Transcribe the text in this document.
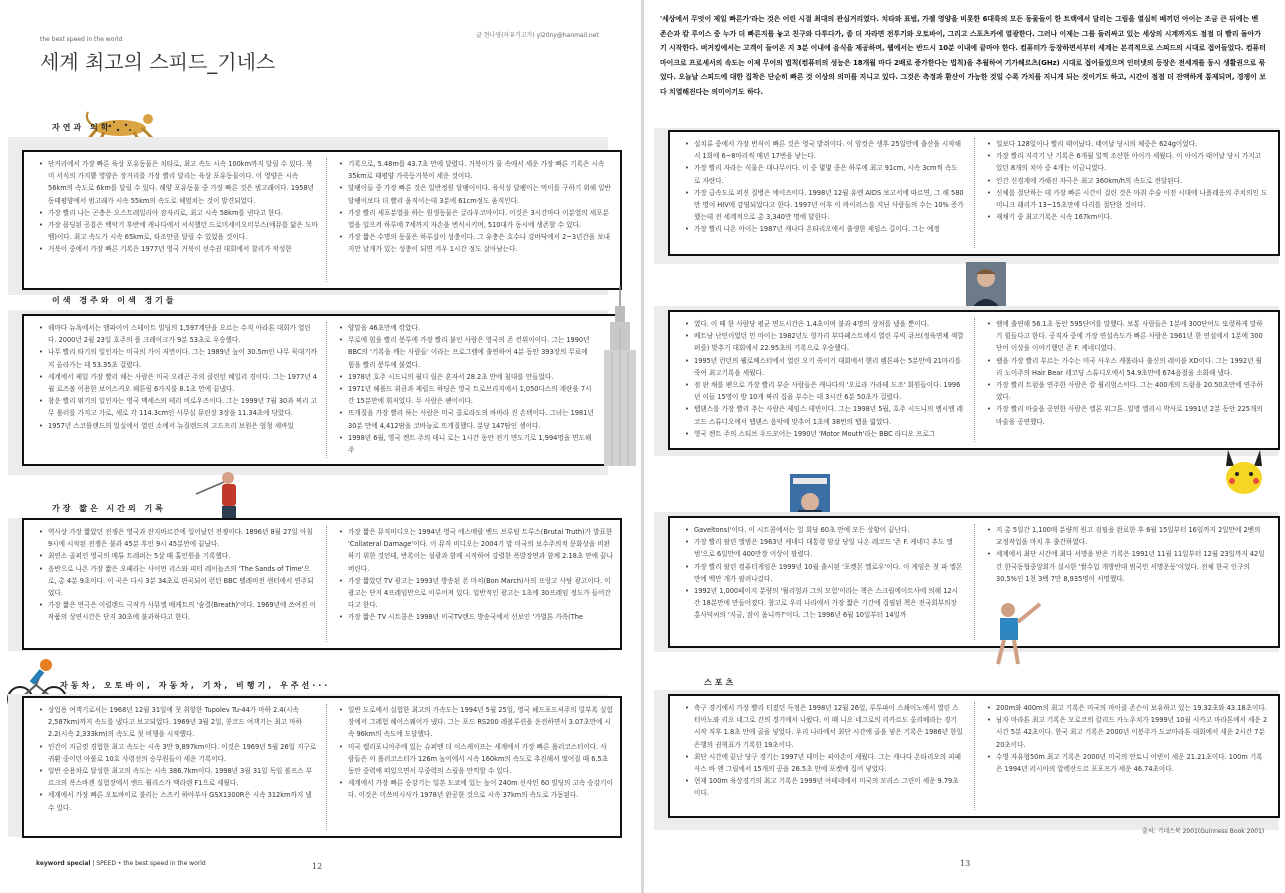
the best speed in the world
글 현나영(자유기고가) yl20ny@hanmail.net
세계 최고의 스피드_기네스
자연과 의학
• 단거리에서 가장 빠른 육상 포유동물은 치타로, 최고 속도 시속 100km까지 달릴 수 있다. 북미 서식의 가지뿔 영양은 장거리를 가장 빨리 달리는 육상 포유동물이다. 이 영양은 시속 56km의 속도로 6km를 달릴 수 있다. 해양 포유동물 중 가장 빠른 것은 범고래이다. 1958년 동태평양에서 범고래가 시속 55km의 속도로 헤엄치는 것이 발견되었다.
• 가장 빨리 나는 곤충은 오스트레일리아 잠자리로, 최고 시속 58km를 낸다고 한다.
• 가장 몰딩된 공룡은 백악기 후반에 캐나다에서 서식했던 드로미세이오미무스(에뮤를 닮은 도마뱀)이다. 최고 속도가 시속 65km로, 타조만큼 달릴 수 있었을 것이다.
• 거북이 중에서 가장 빠른 기록은 1977년 영국 거북이 선수권 대회에서 찰리가 작성한
• 기록으로, 5.48m를 43.7초 만에 달렸다. 거북이가 물 속에서 세운 가장 빠른 기록은 시속 35km로 태평양 가죽등거북이 세운 것이다.
• 달팽이들 중 가장 빠른 것은 일반정원 달팽이이다. 육식성 달팽이는 먹이를 구하기 위해 일반 달팽이보다 더 빨리 움직이는데 3분에 61cm정도 움직인다.
• 가장 빨리 세포분열을 하는 원생동물은 글라우코마이다. 이것은 3시간마다 이분열의 세포분열을 일으켜 하루에 7세까지 자손을 번식시키며, 510대가 동시에 생존할 수 있다.
• 가장 짧은 수명의 동물은 하루살이 성충이다. 그 유충은 호수나 강바닥에서 2~3년간을 보내지만 날개가 있는 성충이 되면 겨우 1시간 정도 살아남는다.
이색 경주와 이색 경기들
• 해마다 뉴욕에서는 엠파이어 스테이트 빌딩의 1,597계단을 오르는 수직 아라톤 대회가 열린다. 2000년 2월 23일 호주의 폴 크레이크가 9분 53초로 우승했다.
• 나무 빨리 타기의 일인자는 미국의 가이 저먼이다. 그는 1989년 높이 30.5m인 나무 꼭대기까지 올라가는 데 53.35초 걸렸다.
• 세계에서 제일 가장 빨리 해는 사람은 미국 오레곤 주의 클린턴 베일리 경이다. 그는 1977년 4월 로즈볼 이용한 보어스커오 해튼림 6가지를 8.1초 만에 끝냈다.
• 참운 빨리 뛰기의 일인자는 영국 맥세스의 테리 비로우즈이다. 그는 1999년 7월 30과 찌리 고무 롤러를 가지고 가로, 세로 각 114.3cm인 사무실 뮤린장 3장을 11.34초에 닦았다.
• 1957년 스코틀랜드의 일실에서 열린 소에서 뉴질랜드의 고드프리 보원은 엄청 세바있
• 양말을 46초만에 깎았다.
• 무로에 힘을 빨리 봉투에 가장 빨리 붙인 사람은 영국의 존 컨위이이다. 그는 1990년 BBC의 '기록을 깨는 사람들' 이라는 프로그램에 출연하여 4분 동안 393장의 무료에 힘을 빨리 봉투에 붙였다.
• 1978년 호주 시드니의 월디 릴은 혼자서 28.2초 만에 침대를 만들었다.
• 1971년 헤롤드 위큼과 제럴드 하딩은 영국 트로브리지에서 1,050다스의 계란을 7시간 15분만에 휘저었다. 두 사람은 팬이이다.
• 뜨개질을 가장 빨리 하는 사람은 미국 콜로라도의 바바라 진 손택이다. 그녀는 1981년 30분 만에 4,412땀을 코바늘로 뜨개질했다. 분당 147땀인 셈이다.
• 1998년 6월, 영국 켄트 주의 데니 로는 1시간 동안 전기 면도기로 1,994명을 면도해 주
가장 짧은 시간의 기록
• 역사상 가장 짧았던 전쟁은 영국과 잔지바르간에 일어났던 전쟁이다. 1896년 8월 27일 아침 9시에 시작된 전쟁은 불과 45분 후인 9시 45분만에 끝났다.
• 최연소 골퍼인 영국의 매튜 트레퍼는 5살 때 홀인원을 기록했다.
• 음반으로 나온 가장 짧은 오페라는 사이먼 리스와 피터 레이놀즈의 'The Sands of Time'으로, 총 4분 9초이다. 이 곡은 다시 3분 34초로 편곡되어 런던 BBC 텔레비전 센터에서 연주되었다.
• 가장 짧은 연극은 이럴랜드 극작가 사뮤엘 베케트의 '숨결(Breath)'이다. 1969년에 쓰여진 이 작품의 상연시간은 단지 30초에 불과하다고 한다.
• 가장 짧은 뮤직비디오는 1994년 영국 에스메랄 밴드 브루털 트루스(Brutal Truth)가 발표한 'Collateral Damage'이다. 이 뮤직 비디오는 2004기 말 미국의 보수주의적 문화상을 비판하기 위한 것인데, 반록이는 섬광과 함께 시작하여 강렬한 폭발장면과 함께 2.18초 만에 끝나버린다.
• 가장 짧았던 TV 광고는 1993년 방송된 폰 마치(Bon March)사의 프랑고 사탕 광고이다. 이 광고는 단지 4프레임만으로 이루어져 있다. 일반적인 광고는 1초에 30프레임 정도가 들어간다고 한다.
• 가장 짧은 TV 시트콤은 1998년 미국TV랜드 방송국에서 선보인 '가벌톤 가족(The
자동차, 오토바이, 자동차, 기차, 비행기, 우주선···
• 상업용 여객기로서는 1968년 12월 31일에 첫 취항한 Tupolev Tu-44가 마하 2.4(시속 2,587km)까지 속도를 냈다고 보고되었다. 1969년 3월 2일, 콩코드 여객기는 최고 마하 2.2(시속 2,333km)의 속도로 첫 비행을 시작했다.
• 인간이 지금껏 경험한 최고 속도는 시속 3만 9,897km이다. 이것은 1969년 5월 26일 지구로 귀환 중이던 아폴로 10호 사령선의 승무원들이 세운 기록이다.
• 일반 승용차로 달성한 최고의 속도는 시속 386.7km이다. 1998년 3월 31일 독일 볼프스 부르크의 폭스바겐 실험장에서 앤드 윌리스가 맥라렌 F1으로 세웠다.
• 세계에서 가장 빠른 오토바이로 불리는 스즈키 하야부사 GSX1300R은 시속 312km까지 낼 수 있다.
• 일반 도로에서 실험한 최고의 가속도는 1994년 5월 25일, 영국 헤드포드셔주의 밀부록 실험장에서 그레험 헤이스웨이가 냈다. 그는 포드 RS200 레볼루션을 운전하면서 3.07초만에 시속 96km의 속도에 도달했다.
• 미국 캘리포니아주에 있는 슈퍼맨 더 이스케이프는 세계에서 가장 빠른 롤러코스터이다. 사람들은 이 롤러코스터가 126m 높이에서 시속 160km의 속도로 추진해서 떨어질 때 6.5초 동안 중력에 떠있으면서 무중력의 스릴을 만끽할 수 있다.
• 세계에서 가장 빠른 승강기는 일본 도쿄에 있는 높이 240m 선샤인 60 빌딩의 고속 승강기이다. 이것은 미쓰비시사가 1978년 완공한 것으로 시속 37km의 속도로 가동된다.
keyword special | SPEED • the best speed in the world	12
'세상에서 무엇이 제일 빠른가'라는 것은 어린 시절 최대의 관심거리였다. 치타와 표범, 가젤 영양을 비롯한 6대륙의 모든 동물들이 한 트랙에서 달리는 그림을 열심히 베끼던 아이는 조금 큰 뒤에는 벤 존슨과 칼 루이스 중 누가 더 빠른지를 놓고 친구와 다투다가, 좀 더 자라면 전투기와 오토바이, 그리고 스포츠카에 열광한다. 그러나 이제는 그를 둘러싸고 있는 세상의 시계까지도 점점 더 빨리 돌아가기 시작한다. 버거킹에서는 고객이 들어온 지 3분 이내에 음식을 제공하며, 웹에서는 반드시 10분 이내에 끝마야 한다. 컴퓨터가 등장하면서부터 세계는 본격적으로 스피드의 시대로 접어들었다. 컴퓨터 마이크로 프로세서의 속도는 이제 무어의 법칙(컴퓨터의 성능은 18개월 마다 2배로 증가한다는 법칙)을 추월하여 기가헤르츠(GHz) 시대로 접어들었으며 인터넷의 등장은 전세계를 동시 생활권으로 묶었다. 오늘날 스피드에 대한 집착은 단순히 빠른 것 이상의 의미를 지니고 있다. 그것은 측정과 환산이 가능한 것일 수록 가치를 지니게 되는 것이기도 하고, 시간이 점점 더 잔액하게 통제되며, 경쟁이 보다 치열해진다는 의미이기도 하다.
• 설치류 중에서 가장 번식이 빠른 것은 영국 밭쥐이다. 이 암컷은 생후 25일만에 출산을 시작해서 1회에 6~8마리씩 매년 17번을 낳는다.
• 가장 빨리 자라는 식물은 대나무이다. 이 중 몇몇 종은 하루에 최고 91cm, 시속 3cm씩 속도로 자란다.
• 가장 급속도로 퍼진 질병은 에이즈이다. 1998년 12월 유엔 AIDS 보고서에 따르면, 그 해 580만 명이 HIV에 감염되었다고 한다. 1997년 이후 이 바이러스를 지닌 사람들의 수는 10% 증가했는데 전 세계적으로 총 3,340만 명에 달한다.
• 가장 빨리 나온 아이는 1987년 캐나다 온타리오에서 출생한 제임스 길이다. 그는 예정
• 일보다 128일이나 빨리 태어났다. 태어날 당시의 체중은 624g이었다.
• 가장 빨리 지각기 난 기록은 6개월 일찍 조산한 아이가 세웠다. 이 아이가 태어날 당시 가지고 있던 8개의 치아 중 4개는 어금니였다.
• 인간 신경계에 가해진 자극은 최고 360km/h의 속도로 전달된다.
• 신체를 절단하는 데 가장 빠른 시간이 걸린 것은 마취 수술 이전 시대에 나폴레옹의 주치의인 도미니크 래리가 13~15초만에 다리를 절단한 것이다.
• 재채기 중 최고기록은 시속 167km이다.
• 였다. 이 때 한 사람당 평균 면도시간은 1.4초이며 불과 4명의 상처를 냈을 뿐이다.
• 베트남 난민이었던 민 마이는 1982년도 헝가리 부다페스트에서 열린 루빅 큐브(정육면체 색깔 퍼즐) 맞추기 대회에서 22.95초의 기록으로 우승했다.
• 1995년 런던의 웰로베스터에서 열린 오기 죽이기 대회에서 헨리 렘튼파는 5분만에 21마리를 죽여 최고기록을 세웠다.
• 점 판 채를 팬으로 가장 빨리 부순 사람들은 캐나다의 '오로라 가라테 도조' 회원들이다. 1996년 이들 15명이 방 10개 짜리 집을 부수는 데 3시간 6분 50초가 걸렸다.
• 탭댄스를 가장 빨리 추는 사람은 제임스 데빈이다. 그는 1998년 5월, 호주 시드니의 엠시엠 레코드 스튜디오에서 탭댄스 음악에 맞추어 1초에 38번의 탭을 밟았다.
• 영국 켄트 주의 스티브 우드모어는 1990년 'Motor Mouth'라는 BBC 라디오 프로그
• 램에 출연해 56.1초 동안 595단어를 말했다. 보통 사람들은 1분에 300단어도 또렷하게 말하기 힘들다고 한다. 공직자 중에 가장 연설속도가 빠른 사람은 1961년 한 연설에서 1분에 300단어 이상을 이야기했던 존 F. 케네디였다.
• 랩을 가장 빨리 부르는 가수는 미국 사우스 캐롤라나 출신의 레이블 XD이다. 그는 1992년 윌리 노이주의 Hair Bear 레코딩 스튜디오에서 54.9초만에 674음절을 소화해 냈다.
• 가장 빨리 트럼을 연주한 사람은 칼 윌리엄스이다. 그는 400개의 드럼을 20.50초만에 연주하였다.
• 가장 빨리 마술을 공연한 사람은 엘론 위그톤. 일명 엘리시 박사로 1991년 2분 동안 225개의 마술을 공연했다.
• Gaveltons)'이다. 이 시트콤에서는 일 회당 60초 만에 모든 상황이 끝난다.
• 가장 빨리 팔린 앨범은 1963년 케네디 대통령 암살 당일 나온 레코드 '존 F. 케네디 추도 앨범'으로 6일만에 400만장 이상이 팔렸다.
• 가장 빨리 팔린 컴퓨터게임은 1999년 10월 출시된 '포켓몬 옐로우'이다. 이 게임은 첫 파 엘몬 만에 백만 개가 팔려나갔다.
• 1992년 1,000페이지 분량의 '윌리엄과 그의 모험'이라는 책은 스크립에이트사에 의해 12시간 18분만에 만들어졌다. 참고로 우리 나라에서 가장 짧은 기간에 집필된 책은 전국회부의장 홍사덕씨의 '지금, 잠이 옵니까?'이다. 그는 1996년 6월 10일부터 14일까
• 지 총 5일간 1,100매 분량의 원고 검필을 완료한 후 6월 15일부터 16일까지 2일만에 2벤의 교정작업을 마치 후 출간하였다.
• 세계에서 최단 시간에 최다 서명을 받은 기록은 1991년 11월 11일부터 12월 23일까지 42일간 한국동협중앙회가 실시한 '쌀수입 개방반대 범국민 서명운동'이었다. 전체 한국 인구의 30.5%인 1천 3백 7만 8,935명이 서명했다.
스포츠
• 축구 경기에서 가장 빨리 터졌던 득점은 1998년 12월 26일, 루투파이 스쇄이노에서 열린 스터아노와 리오 네그로 간의 경기에서 나왔다. 이 때 니오 네그로의 리카르도 올리베라는 경기 시작 직후 1.8초 만에 골을 넣었다. 우리 나라에서 최단 시간에 골을 넣은 기록은 1986년 한일은행의 권혁표가 기록한 19초이다.
• 최단 시간에 끝난 당구 경기는 1997년 데미는 피아손이 세웠다. 그는 캐나다 온타리오의 피페사스 바 앤 그릴에서 15개의 공을 26.5초 만에 포켓에 집어 넣었다.
• 현재 100m 육상경기의 최고 기록은 1999년 아테네에서 미국의 모리스 그린이 세운 9.79초이다.
• 200m와 400m의 최고 기록은 미국의 마이클 존슨이 보유하고 있는 19.32초와 43.18초이다.
• 남자 마라톤 최고 기록은 모로코의 칼리드 카노우치가 1999년 10월 시카고 마라톤에서 세운 2시간 5분 42초이다. 한국 최고 기록은 2000년 이봉주가 도쿄마라톤 대회에서 세운 2시간 7분 20초이다.
• 수영 자유형50m 최고 기록은 2000년 미국의 안토니 어빈이 세운 21.21초이다. 100m 기록은 1994년 러시아의 알렉산드르 포포프가 세운 46.74초이다.
출처: 기네스북 2001(Guinness Book 2001)
13
